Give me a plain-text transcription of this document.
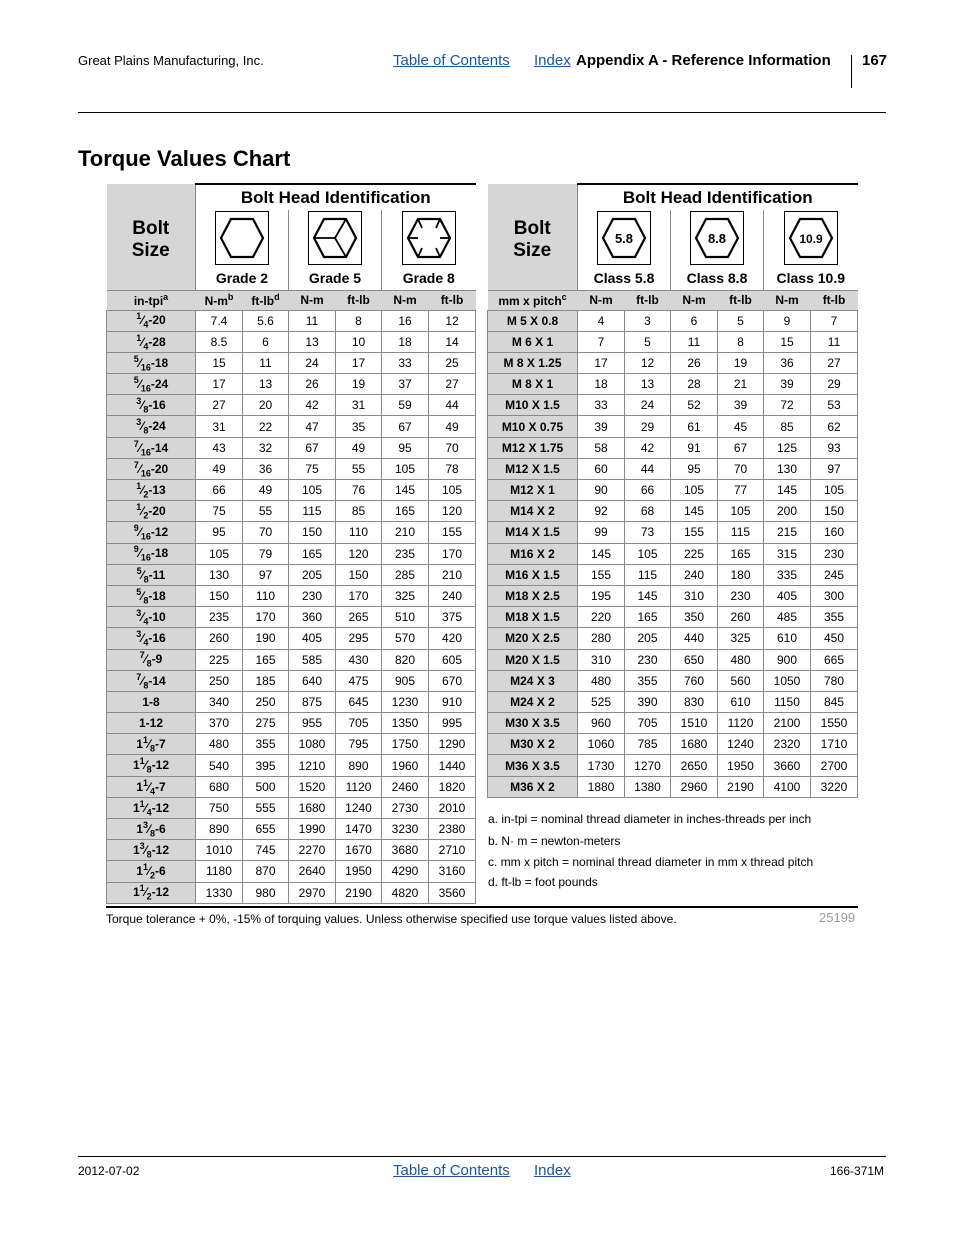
Great Plains Manufacturing, Inc.	Table of Contents Index Appendix A - Reference Information 167
Torque Values Chart
Bolt
Size	Bolt Head Identification					

	Grade 2		Grade 5		Grade 8	
in-tpi$^a$	$N-m^b$	$ft-lb^d$	N-m	ft-lb	N-m	ft-lb
$^1⁄_4-20$	7.4	5.6	11	8	16	12
$^1⁄_4-28$	8.5	6	13	10	18	14
$^5⁄_{16}-18$	15	11	24	17	33	25
$^5⁄_{16}-24$	17	13	26	19	37	27
$^3⁄_8-16$	27	20	42	31	59	44
$^3⁄_8-24$	31	22	47	35	67	49
$^7⁄_{16}-14$	43	32	67	49	95	70
$^7⁄_{16}-20$	49	36	75	55	105	78
$^1⁄_2-13$	66	49	105	76	145	105
$^1⁄_2-20$	75	55	115	85	165	120
$^9⁄_{16}-12$	95	70	150	110	210	155
$^9⁄_{16}-18$	105	79	165	120	235	170
$^5⁄_8-11$	130	97	205	150	285	210
$^5⁄_8-18$	150	110	230	170	325	240
$^3⁄_4-10$	235	170	360	265	510	375
$^3⁄_4-16$	260	190	405	295	570	420
$^7⁄_8-9$	225	165	585	430	820	605
$^7⁄_8-14$	250	185	640	475	905	670
1-8	340	250	875	645	1230	910
1-12	370	275	955	705	1350	995
$1^1⁄_8-7$	480	355	1080	795	1750	1290
$1^1⁄_8-12$	540	395	1210	890	1960	1440
$1^1⁄_4-7$	680	500	1520	1120	2460	1820
$1^1⁄_4-12$	750	555	1680	1240	2730	2010
$1^3⁄_8-6$	890	655	1990	1470	3230	2380
$1^3⁄_8-12$	1010	745	2270	1670	3680	2710
$1^1⁄_2-6$	1180	870	2640	1950	4290	3160
$1^1⁄_2-12$	1330	980	2970	2190	4820	3560
Bolt
Size	Bolt Head Identification					

5.8		8.8		10.9	

	Class 5.8		Class 8.8		Class 10.9	
mm x pitch$^c$	N-m	ft-lb	N-m	ft-lb	N-m	ft-lb
M 5 X 0.8	4	3	6	5	9	7
M 6 X 1	7	5	11	8	15	11
M 8 X 1.25	17	12	26	19	36	27
M 8 X 1	18	13	28	21	39	29
M10 X 1.5	33	24	52	39	72	53
M10 X 0.75	39	29	61	45	85	62
M12 X 1.75	58	42	91	67	125	93
M12 X 1.5	60	44	95	70	130	97
M12 X 1	90	66	105	77	145	105
M14 X 2	92	68	145	105	200	150
M14 X 1.5	99	73	155	115	215	160
M16 X 2	145	105	225	165	315	230
M16 X 1.5	155	115	240	180	335	245
M18 X 2.5	195	145	310	230	405	300
M18 X 1.5	220	165	350	260	485	355
M20 X 2.5	280	205	440	325	610	450
M20 X 1.5	310	230	650	480	900	665
M24 X 3	480	355	760	560	1050	780
M24 X 2	525	390	830	610	1150	845
M30 X 3.5	960	705	1510	1120	2100	1550
M30 X 2	1060	785	1680	1240	2320	1710
M36 X 3.5	1730	1270	2650	1950	3660	2700
M36 X 2	1880	1380	2960	2190	4100	3220
a. in-tpi = nominal thread diameter in inches-threads per inch
b. N· m = newton-meters
c. mm x pitch = nominal thread diameter in mm x thread pitch
d. ft-lb = foot pounds
Torque tolerance + 0%, -15% of torquing values. Unless otherwise specified use torque values listed above.	25199
2012-07-02	Table of Contents Index	166-371M
